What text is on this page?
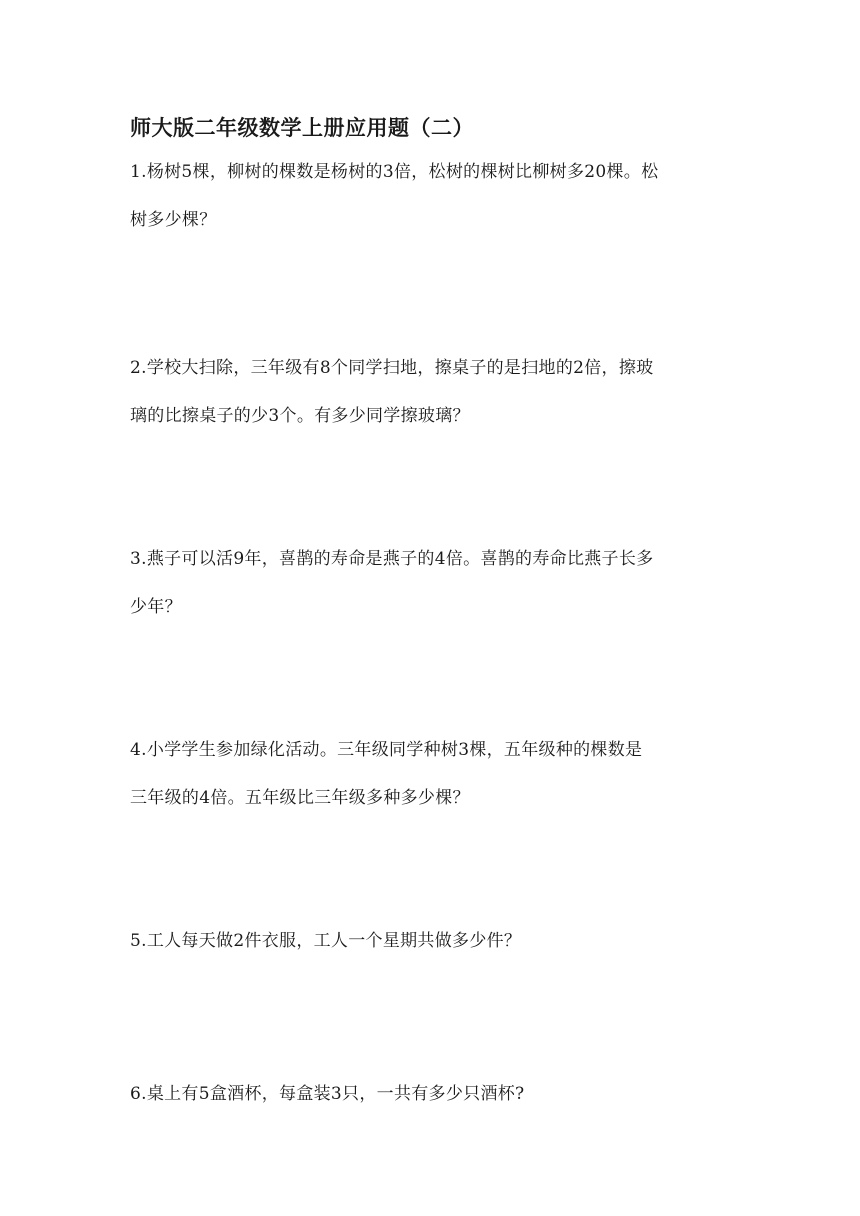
师大版二年级数学上册应用题（二）
1.杨树5棵，柳树的棵数是杨树的3倍，松树的棵树比柳树多20棵。松
树多少棵？
2.学校大扫除，三年级有8个同学扫地，擦桌子的是扫地的2倍，擦玻
璃的比擦桌子的少3个。有多少同学擦玻璃？
3.燕子可以活9年，喜鹊的寿命是燕子的4倍。喜鹊的寿命比燕子长多
少年？
4.小学学生参加绿化活动。三年级同学种树3棵，五年级种的棵数是
三年级的4倍。五年级比三年级多种多少棵？
5.工人每天做2件衣服，工人一个星期共做多少件？
6.桌上有5盒酒杯，每盒装3只，一共有多少只酒杯?
